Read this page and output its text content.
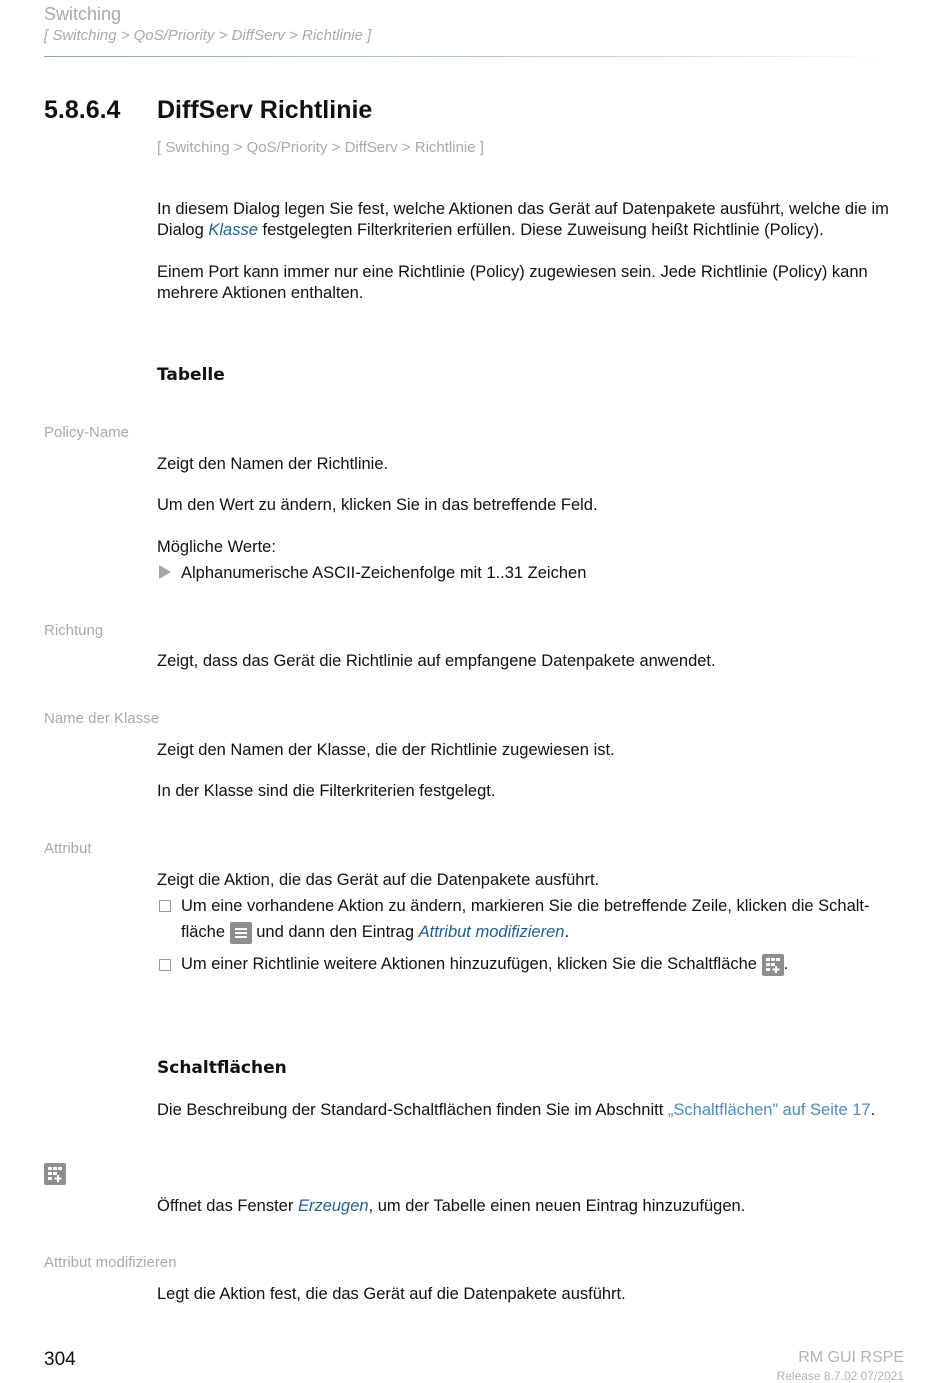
Switching
[ Switching > QoS/Priority > DiffServ > Richtlinie ]
5.8.6.4 DiffServ Richtlinie
[ Switching > QoS/Priority > DiffServ > Richtlinie ]
In diesem Dialog legen Sie fest, welche Aktionen das Gerät auf Datenpakete ausführt, welche die im Dialog Klasse festgelegten Filterkriterien erfüllen. Diese Zuweisung heißt Richtlinie (Policy).
Einem Port kann immer nur eine Richtlinie (Policy) zugewiesen sein. Jede Richtlinie (Policy) kann mehrere Aktionen enthalten.
Tabelle
Policy-Name
Zeigt den Namen der Richtlinie.
Um den Wert zu ändern, klicken Sie in das betreffende Feld.
Mögliche Werte:
Alphanumerische ASCII-Zeichenfolge mit 1..31 Zeichen
Richtung
Zeigt, dass das Gerät die Richtlinie auf empfangene Datenpakete anwendet.
Name der Klasse
Zeigt den Namen der Klasse, die der Richtlinie zugewiesen ist.
In der Klasse sind die Filterkriterien festgelegt.
Attribut
Zeigt die Aktion, die das Gerät auf die Datenpakete ausführt.
Um eine vorhandene Aktion zu ändern, markieren Sie die betreffende Zeile, klicken die Schalt-
fläche und dann den Eintrag Attribut modifizieren.
Um einer Richtlinie weitere Aktionen hinzuzufügen, klicken Sie die Schaltfläche .
Schaltflächen
Die Beschreibung der Standard-Schaltflächen finden Sie im Abschnitt „Schaltflächen” auf Seite 17.
Öffnet das Fenster Erzeugen, um der Tabelle einen neuen Eintrag hinzuzufügen.
Attribut modifizieren
Legt die Aktion fest, die das Gerät auf die Datenpakete ausführt.
304	RM GUI RSPE
Release 8.7.02 07/2021
